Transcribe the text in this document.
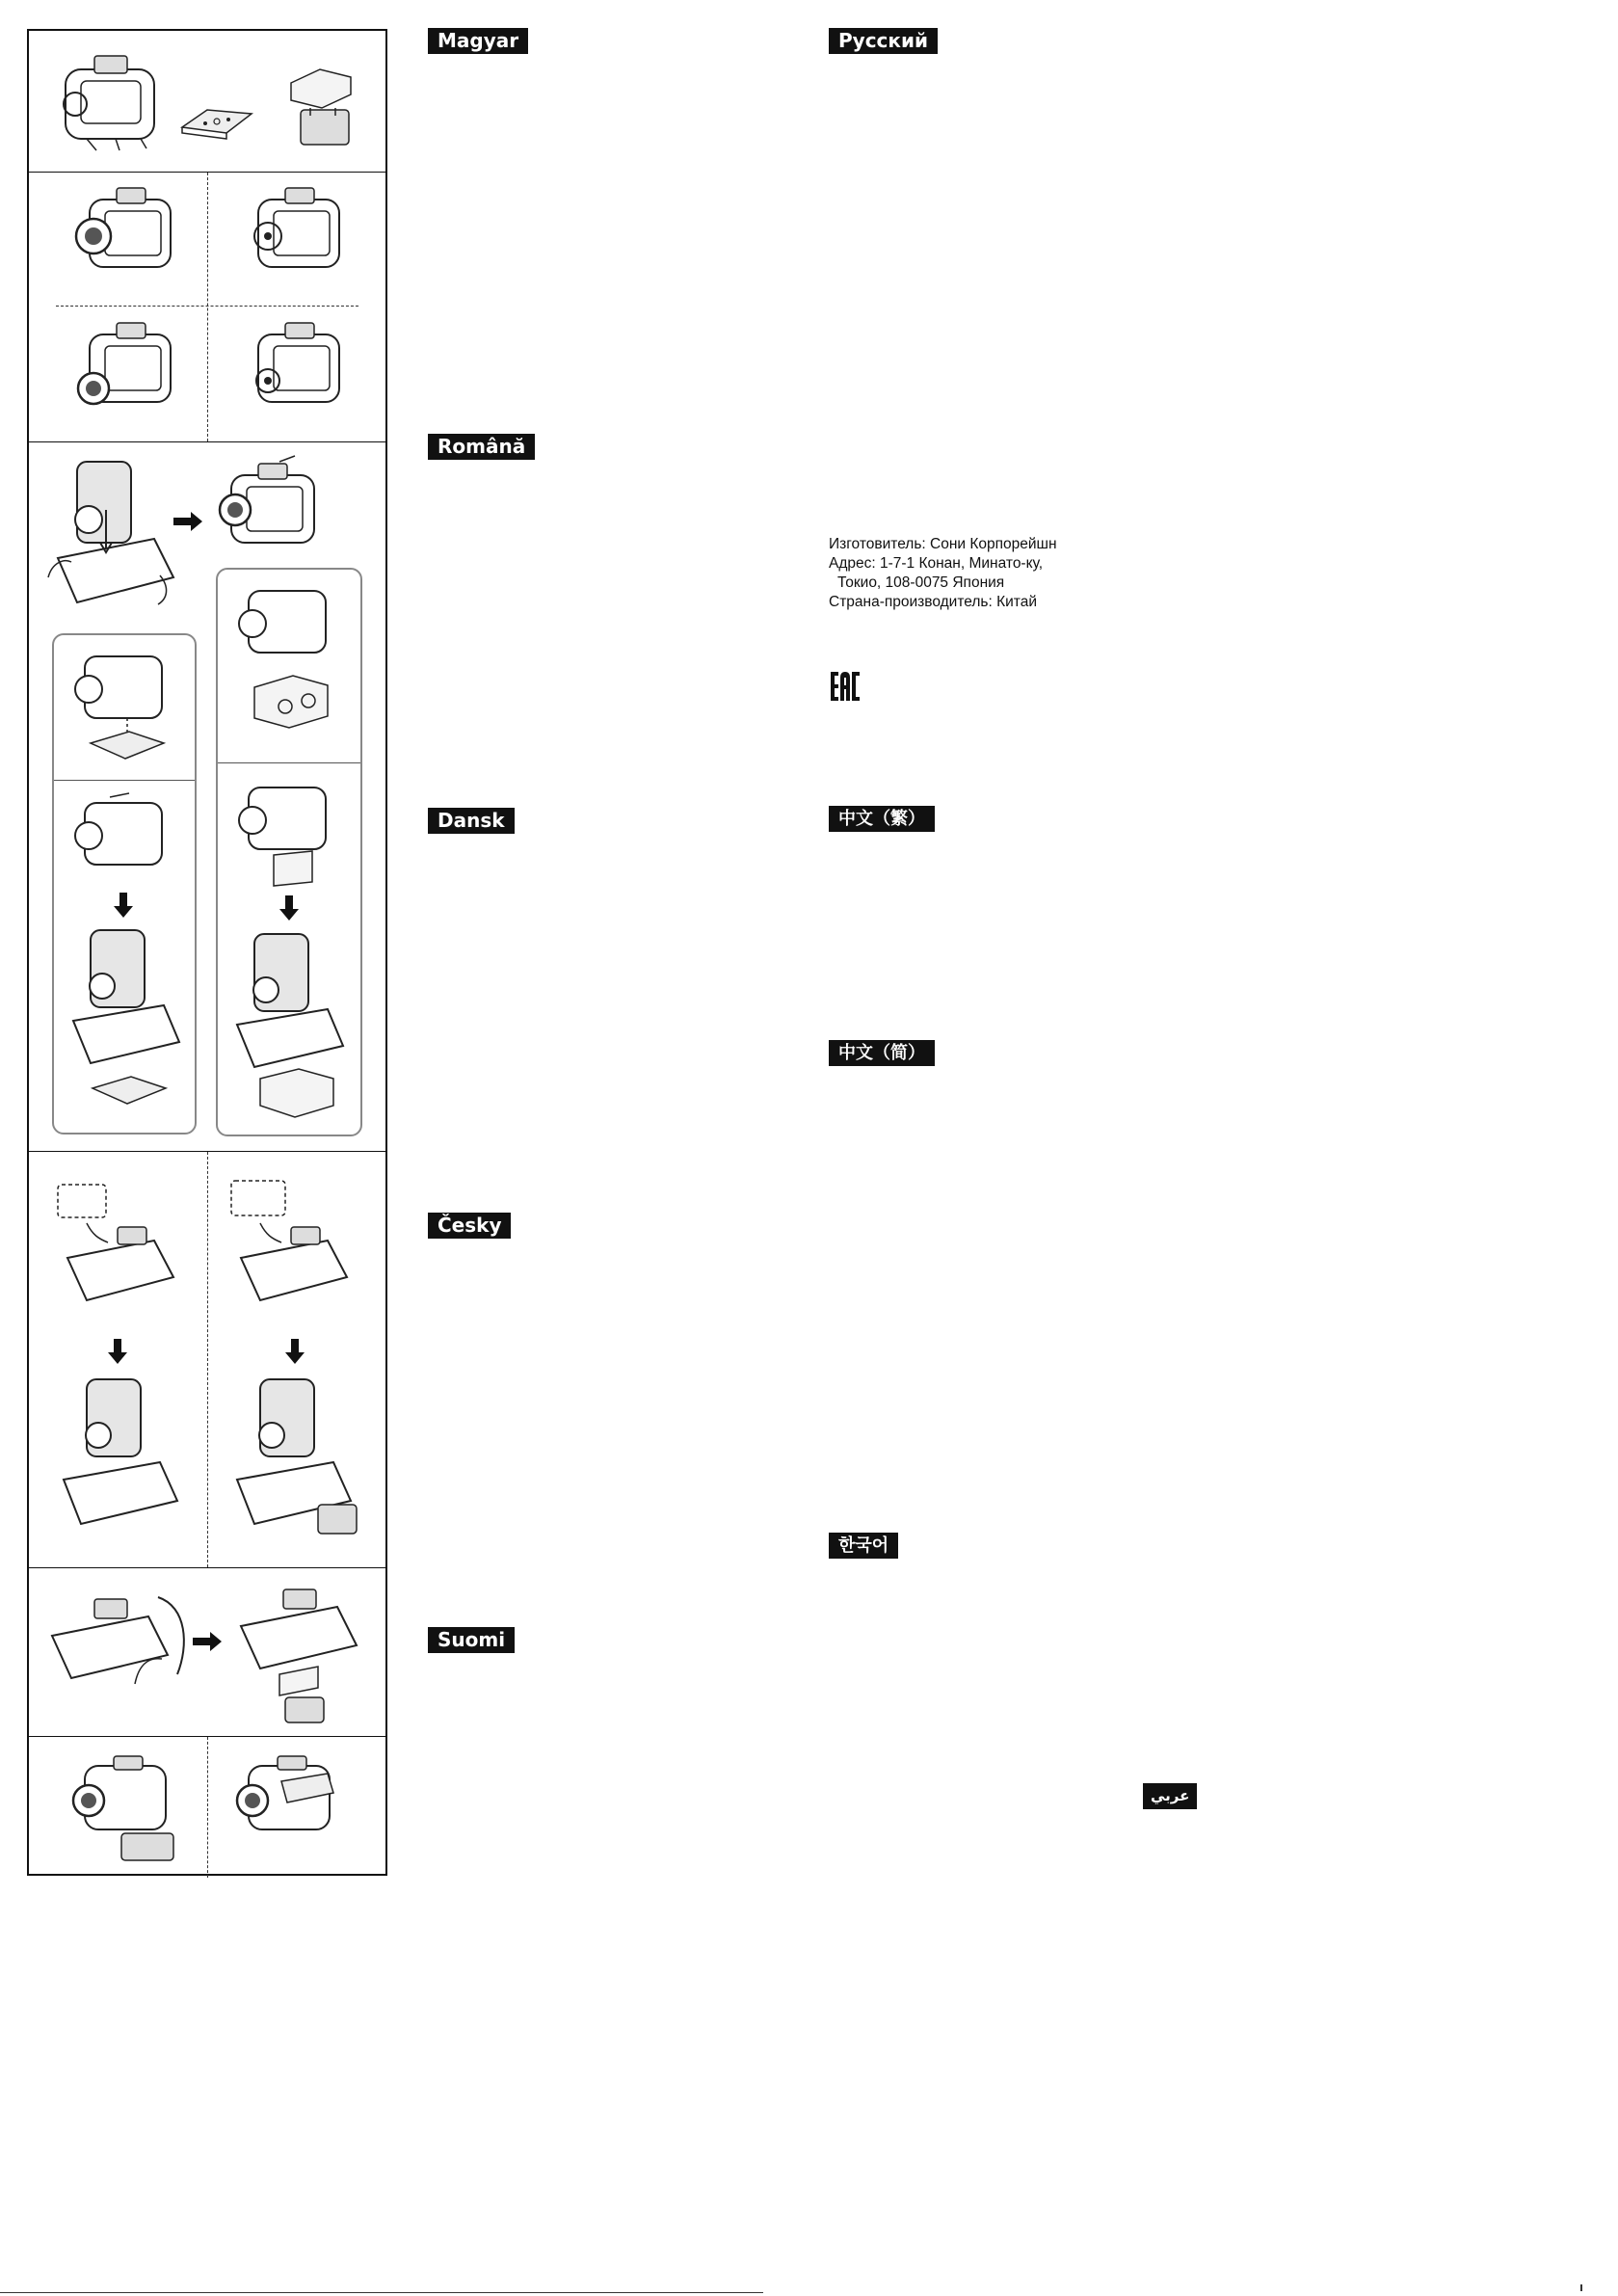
Magyar
Română
Dansk
Česky
Suomi
Русский
中文（繁）
中文（简）
한국어
عربي
Изготовитель: Сони Корпорейшн
Адрес: 1-7-1 Конан, Минато-ку,
Токио, 108-0075 Япония
Страна-производитель: Китай
